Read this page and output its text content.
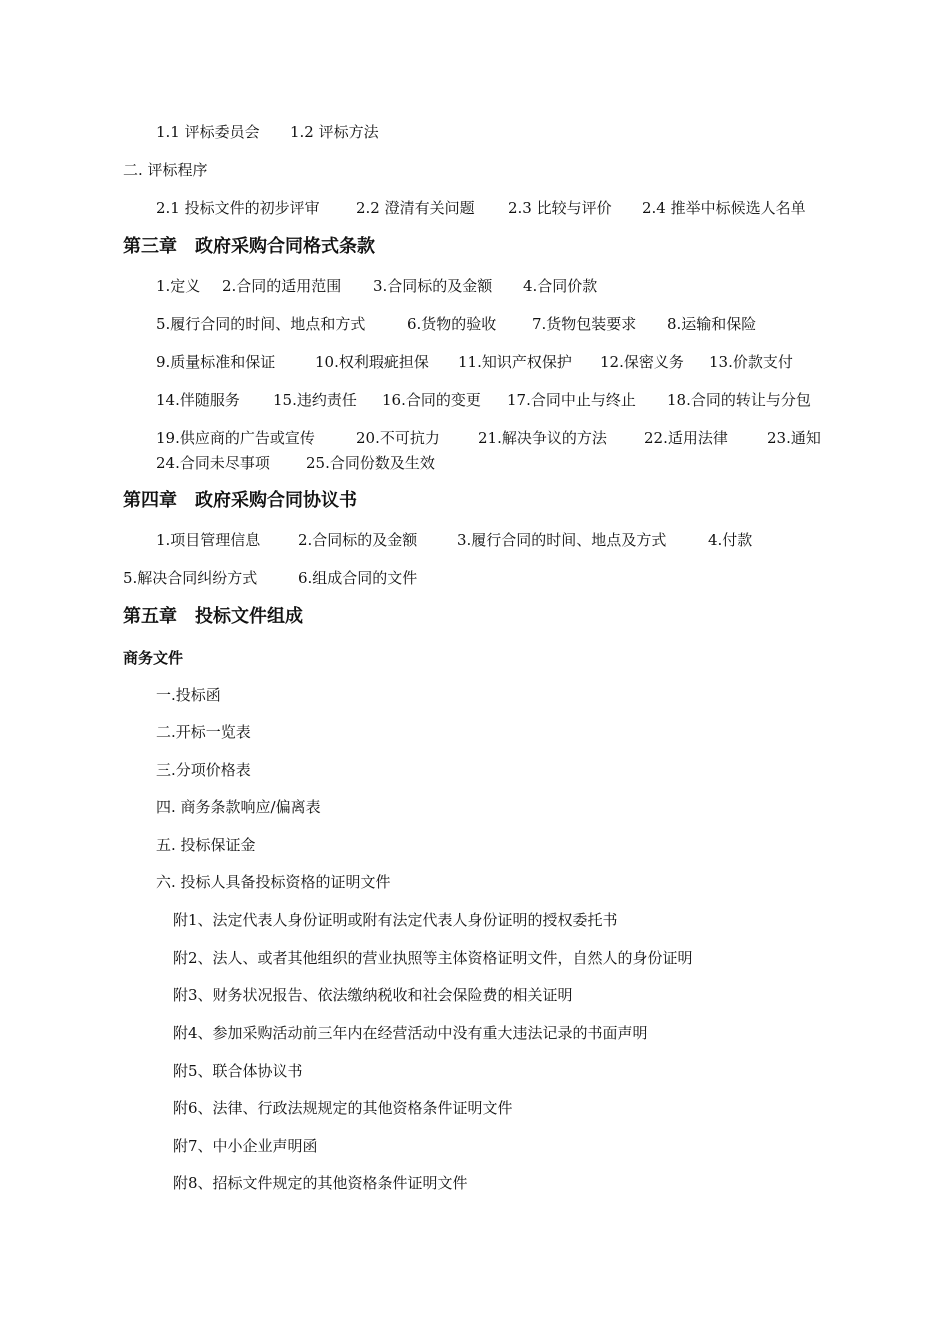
1.1 评标委员会 1.2 评标方法
二. 评标程序
2.1 投标文件的初步评审 2.2 澄清有关问题 2.3 比较与评价 2.4 推举中标候选人名单
第三章　政府采购合同格式条款
1.定义 2.合同的适用范围 3.合同标的及金额 4.合同价款
5.履行合同的时间、地点和方式	6.货物的验收 7.货物包装要求 8.运输和保险
9.质量标准和保证	10.权利瑕疵担保 11.知识产权保护 12.保密义务 13.价款支付
14.伴随服务 15.违约责任 16.合同的变更 17.合同中止与终止 18.合同的转让与分包
19.供应商的广告或宣传	20.不可抗力	21.解决争议的方法 22.适用法律	23.通知
24.合同未尽事项 25.合同份数及生效
第四章　政府采购合同协议书
1.项目管理信息	2.合同标的及金额	3.履行合同的时间、地点及方式	4.付款
5.解决合同纠纷方式	6.组成合同的文件
第五章　投标文件组成
商务文件
一.投标函
二.开标一览表
三.分项价格表
四. 商务条款响应/偏离表
五. 投标保证金
六. 投标人具备投标资格的证明文件
附1、法定代表人身份证明或附有法定代表人身份证明的授权委托书
附2、法人、或者其他组织的营业执照等主体资格证明文件，自然人的身份证明
附3、财务状况报告、依法缴纳税收和社会保险费的相关证明
附4、参加采购活动前三年内在经营活动中没有重大违法记录的书面声明
附5、联合体协议书
附6、法律、行政法规规定的其他资格条件证明文件
附7、中小企业声明函
附8、招标文件规定的其他资格条件证明文件
